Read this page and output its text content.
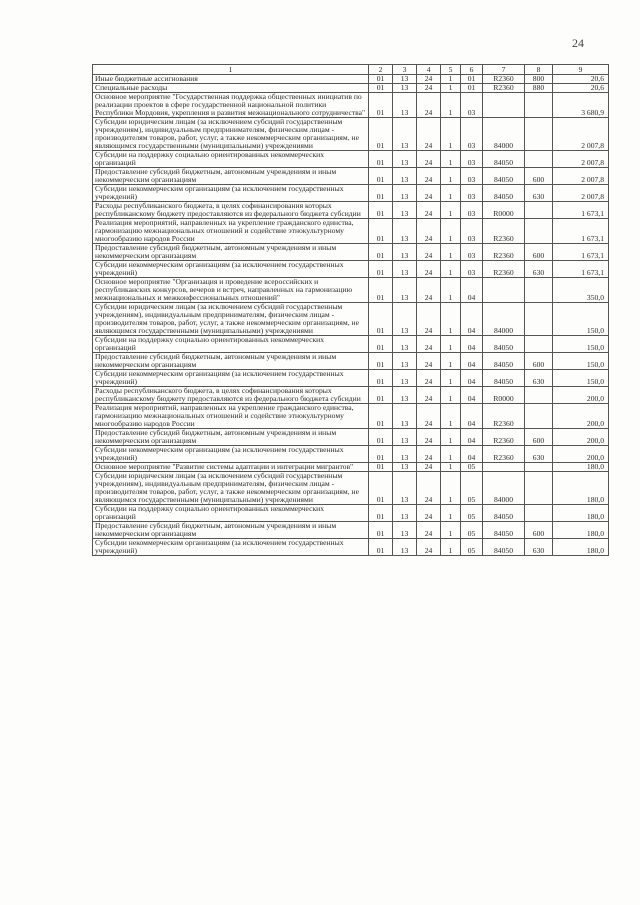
24
1	2	3	4	5	6	7	8	9
Иные бюджетные ассигнования	01	13	24	1	01	R2360	800	20,6
Специальные расходы	01	13	24	1	01	R2360	880	20,6
Основное мероприятие "Государственная поддержка общественных инициатив по реализации проектов в сфере государственной национальной политики Республики Мордовия, укрепления и развития межнационального сотрудничества"	01	13	24	1	03			3 680,9
Субсидии юридическим лицам (за исключением субсидий государственным учреждениям), индивидуальным предпринимателям, физическим лицам - производителям товаров, работ, услуг, а также некоммерческим организациям, не являющимся государственными (муниципальными) учреждениями	01	13	24	1	03	84000		2 007,8
Субсидии на поддержку социально ориентированных некоммерческих организаций	01	13	24	1	03	84050		2 007,8
Предоставление субсидий бюджетным, автономным учреждениям и иным некоммерческим организациям	01	13	24	1	03	84050	600	2 007,8
Субсидии некоммерческим организациям (за исключением государственных учреждений)	01	13	24	1	03	84050	630	2 007,8
Расходы республиканского бюджета, в целях софинансирования которых республиканскому бюджету предоставляются из федерального бюджета субсидии	01	13	24	1	03	R0000		1 673,1
Реализация мероприятий, направленных на укрепление гражданского единства, гармонизацию межнациональных отношений и содействие этнокультурному многообразию народов России	01	13	24	1	03	R2360		1 673,1
Предоставление субсидий бюджетным, автономным учреждениям и иным некоммерческим организациям	01	13	24	1	03	R2360	600	1 673,1
Субсидии некоммерческим организациям (за исключением государственных учреждений)	01	13	24	1	03	R2360	630	1 673,1
Основное мероприятие "Организация и проведение всероссийских и республиканских конкурсов, вечеров и встреч, направленных на гармонизацию межнациональных и межконфессиональных отношений"	01	13	24	1	04			350,0
Субсидии юридическим лицам (за исключением субсидий государственным учреждениям), индивидуальным предпринимателям, физическим лицам - производителям товаров, работ, услуг, а также некоммерческим организациям, не являющимся государственными (муниципальными) учреждениями	01	13	24	1	04	84000		150,0
Субсидии на поддержку социально ориентированных некоммерческих организаций	01	13	24	1	04	84050		150,0
Предоставление субсидий бюджетным, автономным учреждениям и иным некоммерческим организациям	01	13	24	1	04	84050	600	150,0
Субсидии некоммерческим организациям (за исключением государственных учреждений)	01	13	24	1	04	84050	630	150,0
Расходы республиканского бюджета, в целях софинансирования которых республиканскому бюджету предоставляются из федерального бюджета субсидии	01	13	24	1	04	R0000		200,0
Реализация мероприятий, направленных на укрепление гражданского единства, гармонизацию межнациональных отношений и содействие этнокультурному многообразию народов России	01	13	24	1	04	R2360		200,0
Предоставление субсидий бюджетным, автономным учреждениям и иным некоммерческим организациям	01	13	24	1	04	R2360	600	200,0
Субсидии некоммерческим организациям (за исключением государственных учреждений)	01	13	24	1	04	R2360	630	200,0
Основное мероприятие "Развитие системы адаптации и интеграции мигрантов"	01	13	24	1	05			180,0
Субсидии юридическим лицам (за исключением субсидий государственным учреждениям), индивидуальным предпринимателям, физическим лицам - производителям товаров, работ, услуг, а также некоммерческим организациям, не являющимся государственными (муниципальными) учреждениями	01	13	24	1	05	84000		180,0
Субсидии на поддержку социально ориентированных некоммерческих организаций	01	13	24	1	05	84050		180,0
Предоставление субсидий бюджетным, автономным учреждениям и иным некоммерческим организациям	01	13	24	1	05	84050	600	180,0
Субсидии некоммерческим организациям (за исключением государственных учреждений)	01	13	24	1	05	84050	630	180,0
